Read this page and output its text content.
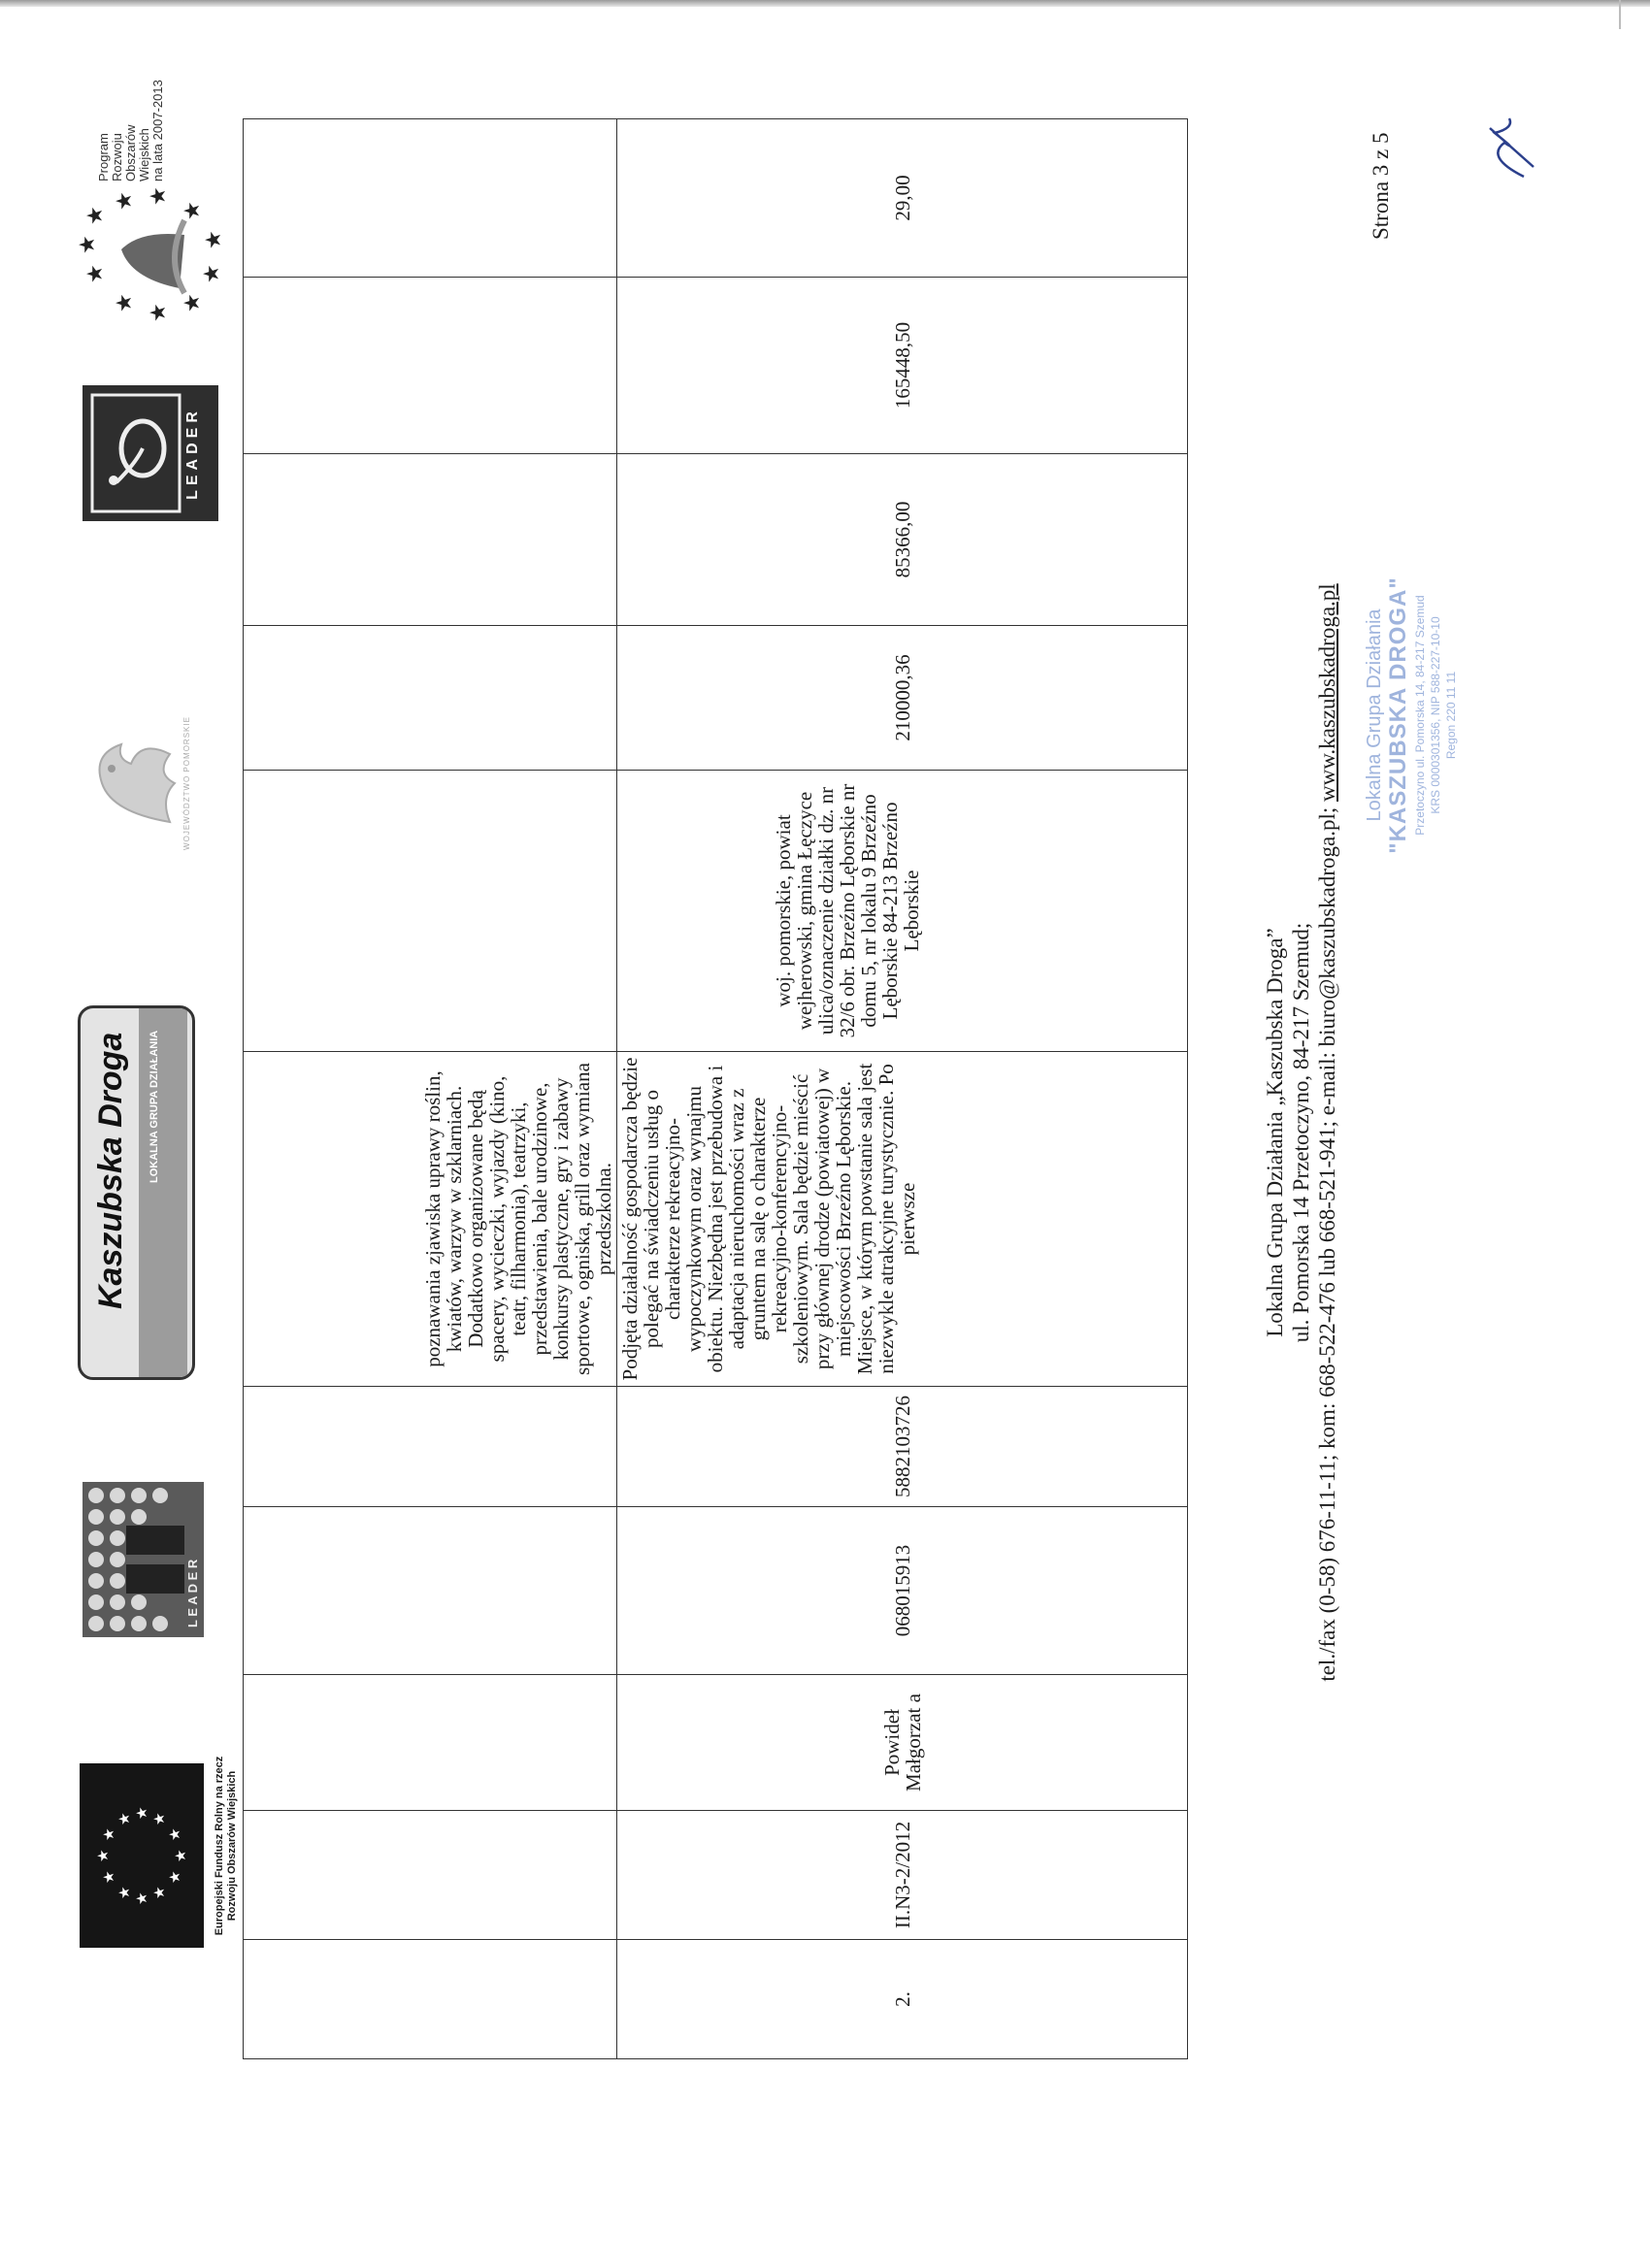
★
★
★ ★ ★
★
★
★
★
★
★
★	Europejski Fundusz Rolny na rzecz Rozwoju Obszarów Wiejskich
L E A D E R
Kaszubska Droga LOKALNA GRUPA DZIAŁANIA
WOJEWÓDZTWO POMORSKIE
LEADER
★
★
★
★
★
★
★
★
★
★
★
Program Rozwoju Obszarów Wiejskich na lata 2007-2013
					poznawania zjawiska uprawy roślin, kwiatów, warzyw w szklarniach. Dodatkowo organizowane będą spacery, wycieczki, wyjazdy (kino, teatr, filharmonia), teatrzyki, przedstawienia, bale urodzinowe, konkursy plastyczne, gry i zabawy sportowe, ogniska, grill oraz wymiana przedszkolna.					
2.	II.N3-2/2012	Powideł Małgorzat a	068015913	5882103726	Podjęta działalność gospodarcza będzie polegać na świadczeniu usług o charakterze rekreacyjno-wypoczynkowym oraz wynajmu obiektu. Niezbędna jest przebudowa i adaptacja nieruchomości wraz z gruntem na salę o charakterze rekreacyjno-konferencyjno-szkoleniowym. Sala będzie mieścić przy głównej drodze (powiatowej) w miejscowości Brzeźno Lęborskie. Miejsce, w którym powstanie sala jest niezwykle atrakcyjne turystycznie. Po pierwsze	woj. pomorskie, powiat wejherowski, gmina Łęczyce ulica/oznaczenie działki dz. nr 32/6 obr. Brzeźno Lęborskie nr domu 5, nr lokalu 9 Brzeźno Lęborskie 84-213 Brzeźno Lęborskie	210000,36	85366,00	165448,50	29,00
Lokalna Grupa Działania „Kaszubska Droga” ul. Pomorska 14 Przetoczyno, 84-217 Szemud; tel./fax (0-58) 676-11-11; kom: 668-522-476 lub 668-521-941; e-mail: biuro@kaszubskadroga.pl; www.kaszubskadroga.pl Lokalna Grupa Działania "KASZUBSKA DROGA" Przetoczyno ul. Pomorska 14, 84-217 Szemud KRS 0000301356, NIP 588-227-10-10 Regon 220 11 11
Strona 3 z 5
